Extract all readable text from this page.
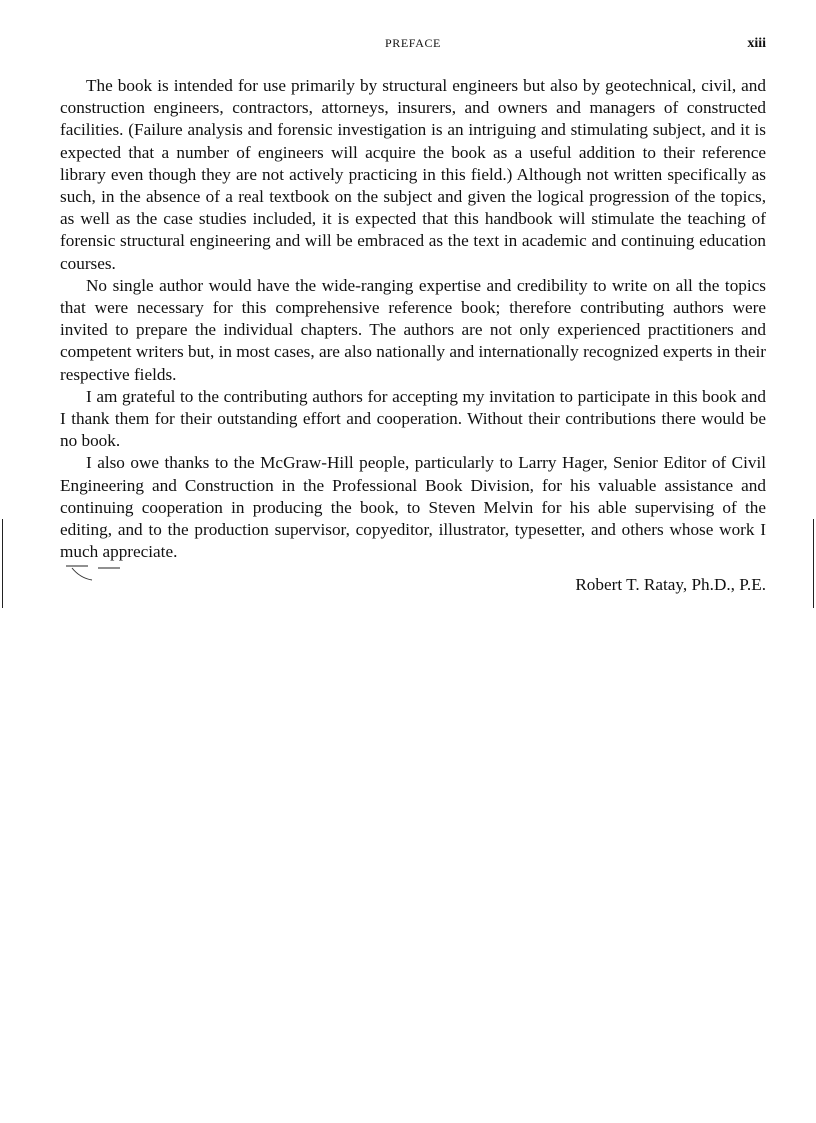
PREFACE	xiii

The book is intended for use primarily by structural engineers but also by geotechnical, civil, and construction engineers, contractors, attorneys, insurers, and owners and managers of constructed facilities. (Failure analysis and forensic investigation is an intriguing and stimulating subject, and it is expected that a number of engineers will acquire the book as a useful addition to their reference library even though they are not actively practicing in this field.) Although not written specifically as such, in the absence of a real textbook on the subject and given the logical progression of the topics, as well as the case studies included, it is expected that this handbook will stimulate the teaching of forensic structural engineering and will be embraced as the text in academic and continuing education courses.

No single author would have the wide-ranging expertise and credibility to write on all the topics that were necessary for this comprehensive reference book; therefore contributing authors were invited to prepare the individual chapters. The authors are not only experienced practitioners and competent writers but, in most cases, are also nationally and internationally recognized experts in their respective fields.

I am grateful to the contributing authors for accepting my invitation to participate in this book and I thank them for their outstanding effort and cooperation. Without their contributions there would be no book.

I also owe thanks to the McGraw-Hill people, particularly to Larry Hager, Senior Editor of Civil Engineering and Construction in the Professional Book Division, for his valuable assistance and continuing cooperation in producing the book, to Steven Melvin for his able supervising of the editing, and to the production supervisor, copyeditor, illustrator, typesetter, and others whose work I much appreciate.

Robert T. Ratay, Ph.D., P.E.
